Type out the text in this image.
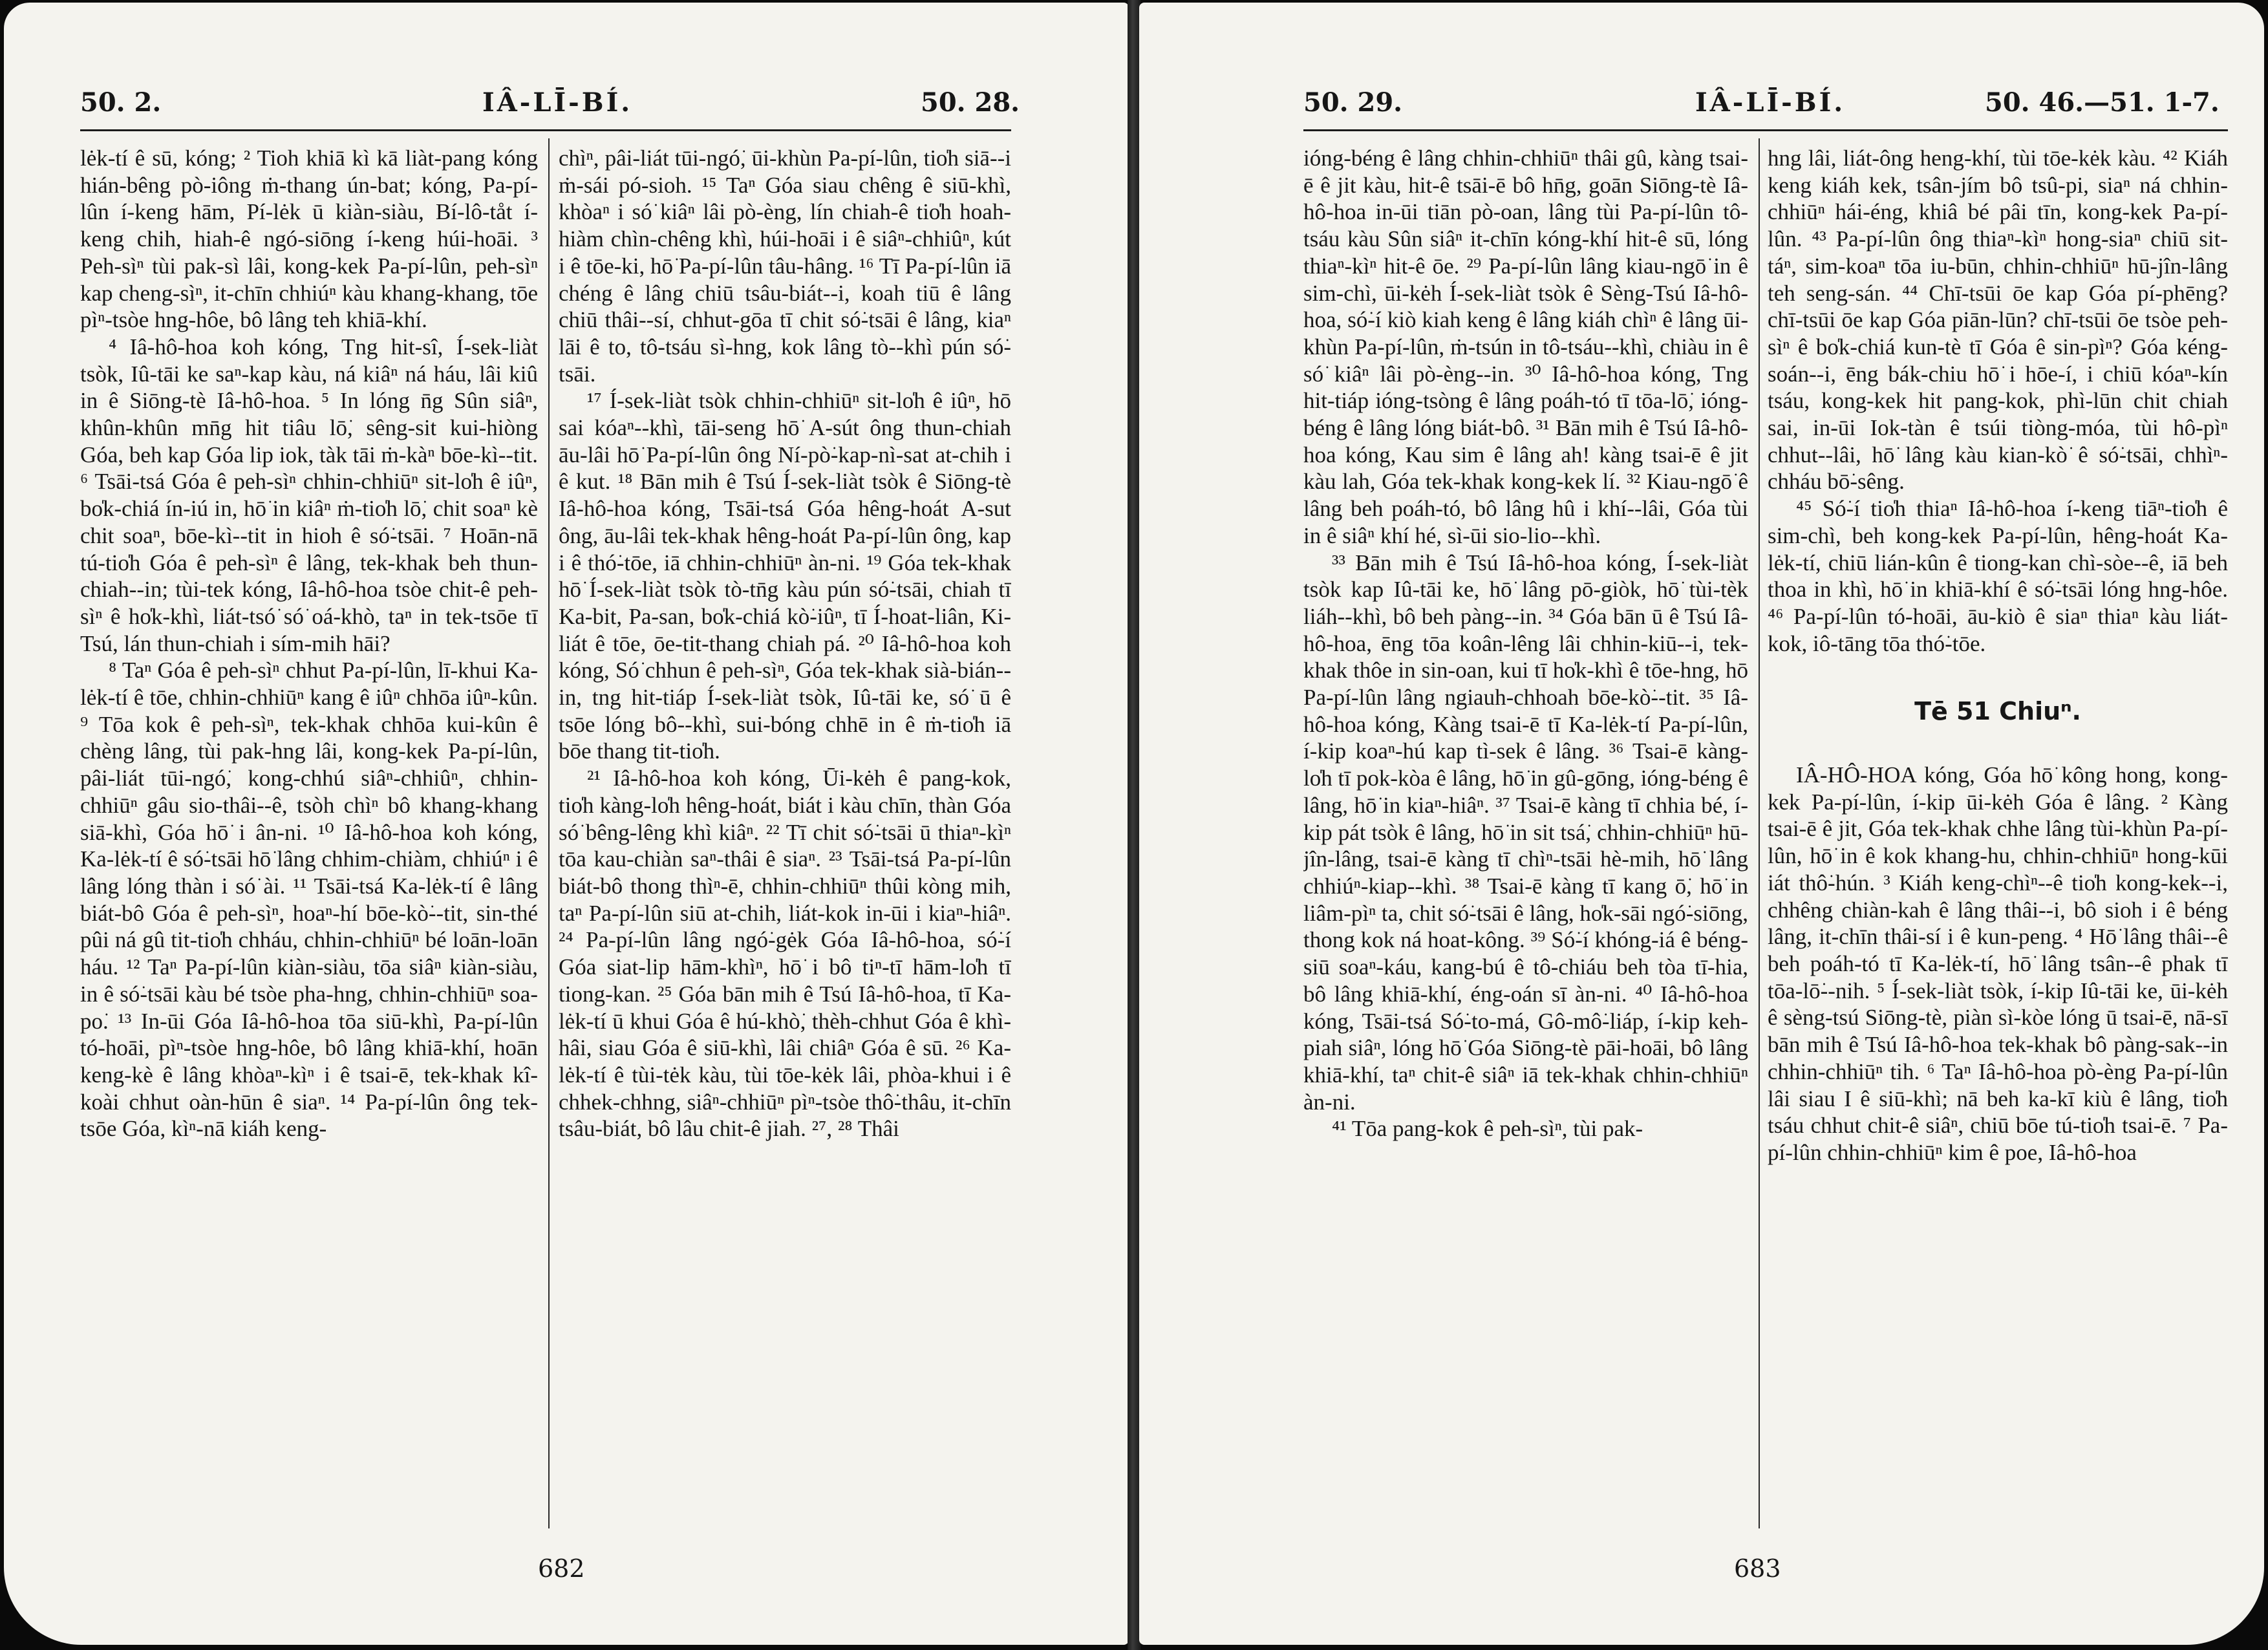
50. 2.	IÂ-LĪ-BÍ.	50. 28.

lėk-tí ê sū, kóng; ² Tioh khiā kì kā liàt-pang kóng hián-bêng pò-iông ṁ-thang ún-bat; kóng, Pa-pí-lûn í-keng hām, Pí-lėk ū kiàn-siàu, Bí-lô-tåt í-keng chih, hiah-ê ngó-siōng í-keng húi-hoāi. ³ Peh-sìⁿ tùi pak-sì lâi, kong-kek Pa-pí-lûn, peh-sìⁿ kap cheng-sìⁿ, it-chīn chhiúⁿ kàu khang-khang, tōe pìⁿ-tsòe hng-hôe, bô lâng teh khiā-khí.

⁴ Iâ-hô-hoa koh kóng, Tng hit-sî, Í-sek-liàt tsòk, Iû-tāi ke saⁿ-kap kàu, ná kiâⁿ ná háu, lâi kiû in ê Siōng-tè Iâ-hô-hoa. ⁵ In lóng n̄g Sûn siâⁿ, khûn-khûn mn̄g hit tiâu lō͘, sêng-sit kui-hiòng Góa, beh kap Góa lip iok, tàk tāi ṁ-kàⁿ bōe-kì--tit. ⁶ Tsāi-tsá Góa ê peh-sìⁿ chhin-chhiūⁿ sit-lo̍h ê iûⁿ, bo̍k-chiá ín-iú in, hō͘ in kiâⁿ ṁ-tio̍h lō͘, chit soaⁿ kè chit soaⁿ, bōe-kì--tit in hioh ê só͘-tsāi. ⁷ Hoān-nā tú-tio̍h Góa ê peh-sìⁿ ê lâng, tek-khak beh thun-chiah--in; tùi-tek kóng, Iâ-hô-hoa tsòe chit-ê peh-sìⁿ ê ho̍k-khì, liát-tsó͘ só͘ oá-khò, taⁿ in tek-tsōe tī Tsú, lán thun-chiah i sím-mih hāi?

⁸ Taⁿ Góa ê peh-sìⁿ chhut Pa-pí-lûn, lī-khui Ka-lėk-tí ê tōe, chhin-chhiūⁿ kang ê iûⁿ chhōa iûⁿ-kûn. ⁹ Tōa kok ê peh-sìⁿ, tek-khak chhōa kui-kûn ê chèng lâng, tùi pak-hng lâi, kong-kek Pa-pí-lûn, pâi-liát tūi-ngó͘, kong-chhú siâⁿ-chhiûⁿ, chhin-chhiūⁿ gâu sio-thâi--ê, tsòh chìⁿ bô khang-khang siā-khì, Góa hō͘ i ân-ni. ¹⁰ Iâ-hô-hoa koh kóng, Ka-lėk-tí ê só͘-tsāi hō͘ lâng chhim-chiàm, chhiúⁿ i ê lâng lóng thàn i só͘ ài. ¹¹ Tsāi-tsá Ka-lėk-tí ê lâng biát-bô Góa ê peh-sìⁿ, hoaⁿ-hí bōe-kò͘--tit, sin-thé pûi ná gû tit-tio̍h chháu, chhin-chhiūⁿ bé loān-loān háu. ¹² Taⁿ Pa-pí-lûn kiàn-siàu, tōa siâⁿ kiàn-siàu, in ê só͘-tsāi kàu bé tsòe pha-hng, chhin-chhiūⁿ soa-po͘. ¹³ In-ūi Góa Iâ-hô-hoa tōa siū-khì, Pa-pí-lûn tó-hoāi, pìⁿ-tsòe hng-hôe, bô lâng khiā-khí, hoān keng-kè ê lâng khòaⁿ-kìⁿ i ê tsai-ē, tek-khak kî-koài chhut oàn-hūn ê siaⁿ. ¹⁴ Pa-pí-lûn ông tek-tsōe Góa, kìⁿ-nā kiáh keng-

chìⁿ, pâi-liát tūi-ngó͘, ūi-khùn Pa-pí-lûn, tio̍h siā--i ṁ-sái pó-sioh. ¹⁵ Taⁿ Góa siau chêng ê siū-khì, khòaⁿ i só͘ kiâⁿ lâi pò-èng, lín chiah-ê tio̍h hoah-hiàm chìn-chêng khì, húi-hoāi i ê siâⁿ-chhiûⁿ, kút i ê tōe-ki, hō͘ Pa-pí-lûn tâu-hâng. ¹⁶ Tī Pa-pí-lûn iā chéng ê lâng chiū tsâu-biát--i, koah tiū ê lâng chiū thâi--sí, chhut-gōa tī chit só͘-tsāi ê lâng, kiaⁿ lāi ê to, tô-tsáu sì-hng, kok lâng tò--khì pún só͘-tsāi.

¹⁷ Í-sek-liàt tsòk chhin-chhiūⁿ sit-lo̍h ê iûⁿ, hō͘ sai kóaⁿ--khì, tāi-seng hō͘ A-sút ông thun-chiah āu-lâi hō͘ Pa-pí-lûn ông Ní-pò͘-kap-nì-sat at-chih i ê kut. ¹⁸ Bān mih ê Tsú Í-sek-liàt tsòk ê Siōng-tè Iâ-hô-hoa kóng, Tsāi-tsá Góa hêng-hoát A-sut ông, āu-lâi tek-khak hêng-hoát Pa-pí-lûn ông, kap i ê thó͘-tōe, iā chhin-chhiūⁿ àn-ni. ¹⁹ Góa tek-khak hō͘ Í-sek-liàt tsòk tò-tn̄g kàu pún só͘-tsāi, chiah tī Ka-bit, Pa-san, bo̍k-chiá kò͘-iûⁿ, tī Í-hoat-liân, Ki-liát ê tōe, ōe-tit-thang chiah pá. ²⁰ Iâ-hô-hoa koh kóng, Só͘ chhun ê peh-sìⁿ, Góa tek-khak sià-bián--in, tng hit-tiáp Í-sek-liàt tsòk, Iû-tāi ke, só͘ ū ê tsōe lóng bô--khì, sui-bóng chhē in ê ṁ-tio̍h iā bōe thang tit-tio̍h.

²¹ Iâ-hô-hoa koh kóng, Ūi-kėh ê pang-kok, tio̍h kàng-lo̍h hêng-hoát, biát i kàu chīn, thàn Góa só͘ bêng-lêng khì kiâⁿ. ²² Tī chit só͘-tsāi ū thiaⁿ-kìⁿ tōa kau-chiàn saⁿ-thâi ê siaⁿ. ²³ Tsāi-tsá Pa-pí-lûn biát-bô thong thìⁿ-ē, chhin-chhiūⁿ thûi kòng mih, taⁿ Pa-pí-lûn siū at-chih, liát-kok in-ūi i kiaⁿ-hiâⁿ. ²⁴ Pa-pí-lûn lâng ngó͘-gėk Góa Iâ-hô-hoa, só͘-í Góa siat-lip hām-khìⁿ, hō͘ i bô tiⁿ-tī hām-lo̍h tī tiong-kan. ²⁵ Góa bān mih ê Tsú Iâ-hô-hoa, tī Ka-lėk-tí ū khui Góa ê hú-khò͘, thèh-chhut Góa ê khì-hâi, siau Góa ê siū-khì, lâi chiâⁿ Góa ê sū. ²⁶ Ka-lėk-tí ê tùi-tėk kàu, tùi tōe-kėk lâi, phòa-khui i ê chhek-chhng, siâⁿ-chhiūⁿ pìⁿ-tsòe thô͘-thâu, it-chīn tsâu-biát, bô lâu chit-ê jiah. ²⁷, ²⁸ Thâi

682
50. 29.	IÂ-LĪ-BÍ.	50. 46.—51. 1-7.

ióng-béng ê lâng chhin-chhiūⁿ thâi gû, kàng tsai-ē ê jit kàu, hit-ê tsāi-ē bô hn̄g, goān Siōng-tè Iâ-hô-hoa in-ūi tiān pò-oan, lâng tùi Pa-pí-lûn tô-tsáu kàu Sûn siâⁿ it-chīn kóng-khí hit-ê sū, lóng thiaⁿ-kìⁿ hit-ê ōe. ²⁹ Pa-pí-lûn lâng kiau-ngō͘ in ê sim-chì, ūi-kėh Í-sek-liàt tsòk ê Sèng-Tsú Iâ-hô-hoa, só͘-í kiò kiah keng ê lâng kiáh chìⁿ ê lâng ūi-khùn Pa-pí-lûn, ṁ-tsún in tô-tsáu--khì, chiàu in ê só͘ kiâⁿ lâi pò-èng--in. ³⁰ Iâ-hô-hoa kóng, Tng hit-tiáp ióng-tsòng ê lâng poáh-tó tī tōa-lō͘, ióng-béng ê lâng lóng biát-bô. ³¹ Bān mih ê Tsú Iâ-hô-hoa kóng, Kau sim ê lâng ah! kàng tsai-ē ê jit kàu lah, Góa tek-khak kong-kek lí. ³² Kiau-ngō͘ ê lâng beh poáh-tó, bô lâng hû i khí--lâi, Góa tùi in ê siâⁿ khí hé, sì-ūi sio-lio--khì.

³³ Bān mih ê Tsú Iâ-hô-hoa kóng, Í-sek-liàt tsòk kap Iû-tāi ke, hō͘ lâng pō-giòk, hō͘ tùi-tèk liáh--khì, bô beh pàng--in. ³⁴ Góa bān ū ê Tsú Iâ-hô-hoa, ēng tōa koân-lêng lâi chhin-kiū--i, tek-khak thôe in sin-oan, kui tī ho̍k-khì ê tōe-hng, hō͘ Pa-pí-lûn lâng ngiauh-chhoah bōe-kò͘--tit. ³⁵ Iâ-hô-hoa kóng, Kàng tsai-ē tī Ka-lėk-tí Pa-pí-lûn, í-kip koaⁿ-hú kap tì-sek ê lâng. ³⁶ Tsai-ē kàng-lo̍h tī pok-kòa ê lâng, hō͘ in gû-gōng, ióng-béng ê lâng, hō͘ in kiaⁿ-hiâⁿ. ³⁷ Tsai-ē kàng tī chhia bé, í-kip pát tsòk ê lâng, hō͘ in sit tsá͘, chhin-chhiūⁿ hū-jîn-lâng, tsai-ē kàng tī chìⁿ-tsāi hè-mih, hō͘ lâng chhiúⁿ-kiap--khì. ³⁸ Tsai-ē kàng tī kang ō͘, hō͘ in liâm-pìⁿ ta, chit só͘-tsāi ê lâng, ho̍k-sāi ngó͘-siōng, thong kok ná hoat-kông. ³⁹ Só͘-í khóng-iá ê béng-siū soaⁿ-káu, kang-bú ê tô-chiáu beh tòa tī-hia, bô lâng khiā-khí, éng-oán sī àn-ni. ⁴⁰ Iâ-hô-hoa kóng, Tsāi-tsá Só͘-to-má, Gô-mô͘-liáp, í-kip keh-piah siâⁿ, lóng hō͘ Góa Siōng-tè pāi-hoāi, bô lâng khiā-khí, taⁿ chit-ê siâⁿ iā tek-khak chhin-chhiūⁿ àn-ni.

⁴¹ Tōa pang-kok ê peh-sìⁿ, tùi pak-

hng lâi, liát-ông heng-khí, tùi tōe-kėk kàu. ⁴² Kiáh keng kiáh kek, tsân-jím bô tsû-pi, siaⁿ ná chhin-chhiūⁿ hái-éng, khiâ bé pâi tīn, kong-kek Pa-pí-lûn. ⁴³ Pa-pí-lûn ông thiaⁿ-kìⁿ hong-siaⁿ chiū sit-táⁿ, sim-koaⁿ tōa iu-būn, chhin-chhiūⁿ hū-jîn-lâng teh seng-sán. ⁴⁴ Chī-tsūi ōe kap Góa pí-phēng? chī-tsūi ōe kap Góa piān-lūn? chī-tsūi ōe tsòe peh-sìⁿ ê bo̍k-chiá kun-tè tī Góa ê sin-pìⁿ? Góa kéng-soán--i, ēng bák-chiu hō͘ i hōe-í, i chiū kóaⁿ-kín tsáu, kong-kek hit pang-kok, phì-lūn chit chiah sai, in-ūi Iok-tàn ê tsúi tiòng-móa, tùi hô-pìⁿ chhut--lâi, hō͘ lâng kàu kian-kò͘ ê só͘-tsāi, chhìⁿ-chháu bō͘-sêng.

⁴⁵ Só͘-í tio̍h thiaⁿ Iâ-hô-hoa í-keng tiāⁿ-tio̍h ê sim-chì, beh kong-kek Pa-pí-lûn, hêng-hoát Ka-lėk-tí, chiū lián-kûn ê tiong-kan chì-sòe--ê, iā beh thoa in khì, hō͘ in khiā-khí ê só͘-tsāi lóng hng-hôe. ⁴⁶ Pa-pí-lûn tó-hoāi, āu-kiò ê siaⁿ thiaⁿ kàu liát-kok, iô-tāng tōa thó͘-tōe.

Tē 51 Chiuⁿ.

IÂ-HÔ-HOA kóng, Góa hō͘ kông hong, kong-kek Pa-pí-lûn, í-kip ūi-kėh Góa ê lâng. ² Kàng tsai-ē ê jit, Góa tek-khak chhe lâng tùi-khùn Pa-pí-lûn, hō͘ in ê kok khang-hu, chhin-chhiūⁿ hong-kūi iát thô͘-hún. ³ Kiáh keng-chìⁿ--ê tio̍h kong-kek--i, chhêng chiàn-kah ê lâng thâi--i, bô sioh i ê béng lâng, it-chīn thâi-sí i ê kun-peng. ⁴ Hō͘ lâng thâi--ê beh poáh-tó tī Ka-lėk-tí, hō͘ lâng tsân--ê phak tī tōa-lō͘--nih. ⁵ Í-sek-liàt tsòk, í-kip Iû-tāi ke, ūi-kėh ê sèng-tsú Siōng-tè, piàn sì-kòe lóng ū tsai-ē, nā-sī bān mih ê Tsú Iâ-hô-hoa tek-khak bô pàng-sak--in chhin-chhiūⁿ tih. ⁶ Taⁿ Iâ-hô-hoa pò-èng Pa-pí-lûn lâi siau I ê siū-khì; nā beh ka-kī kiù ê lâng, tio̍h tsáu chhut chit-ê siâⁿ, chiū bōe tú-tio̍h tsai-ē. ⁷ Pa-pí-lûn chhin-chhiūⁿ kim ê poe, Iâ-hô-hoa

683
